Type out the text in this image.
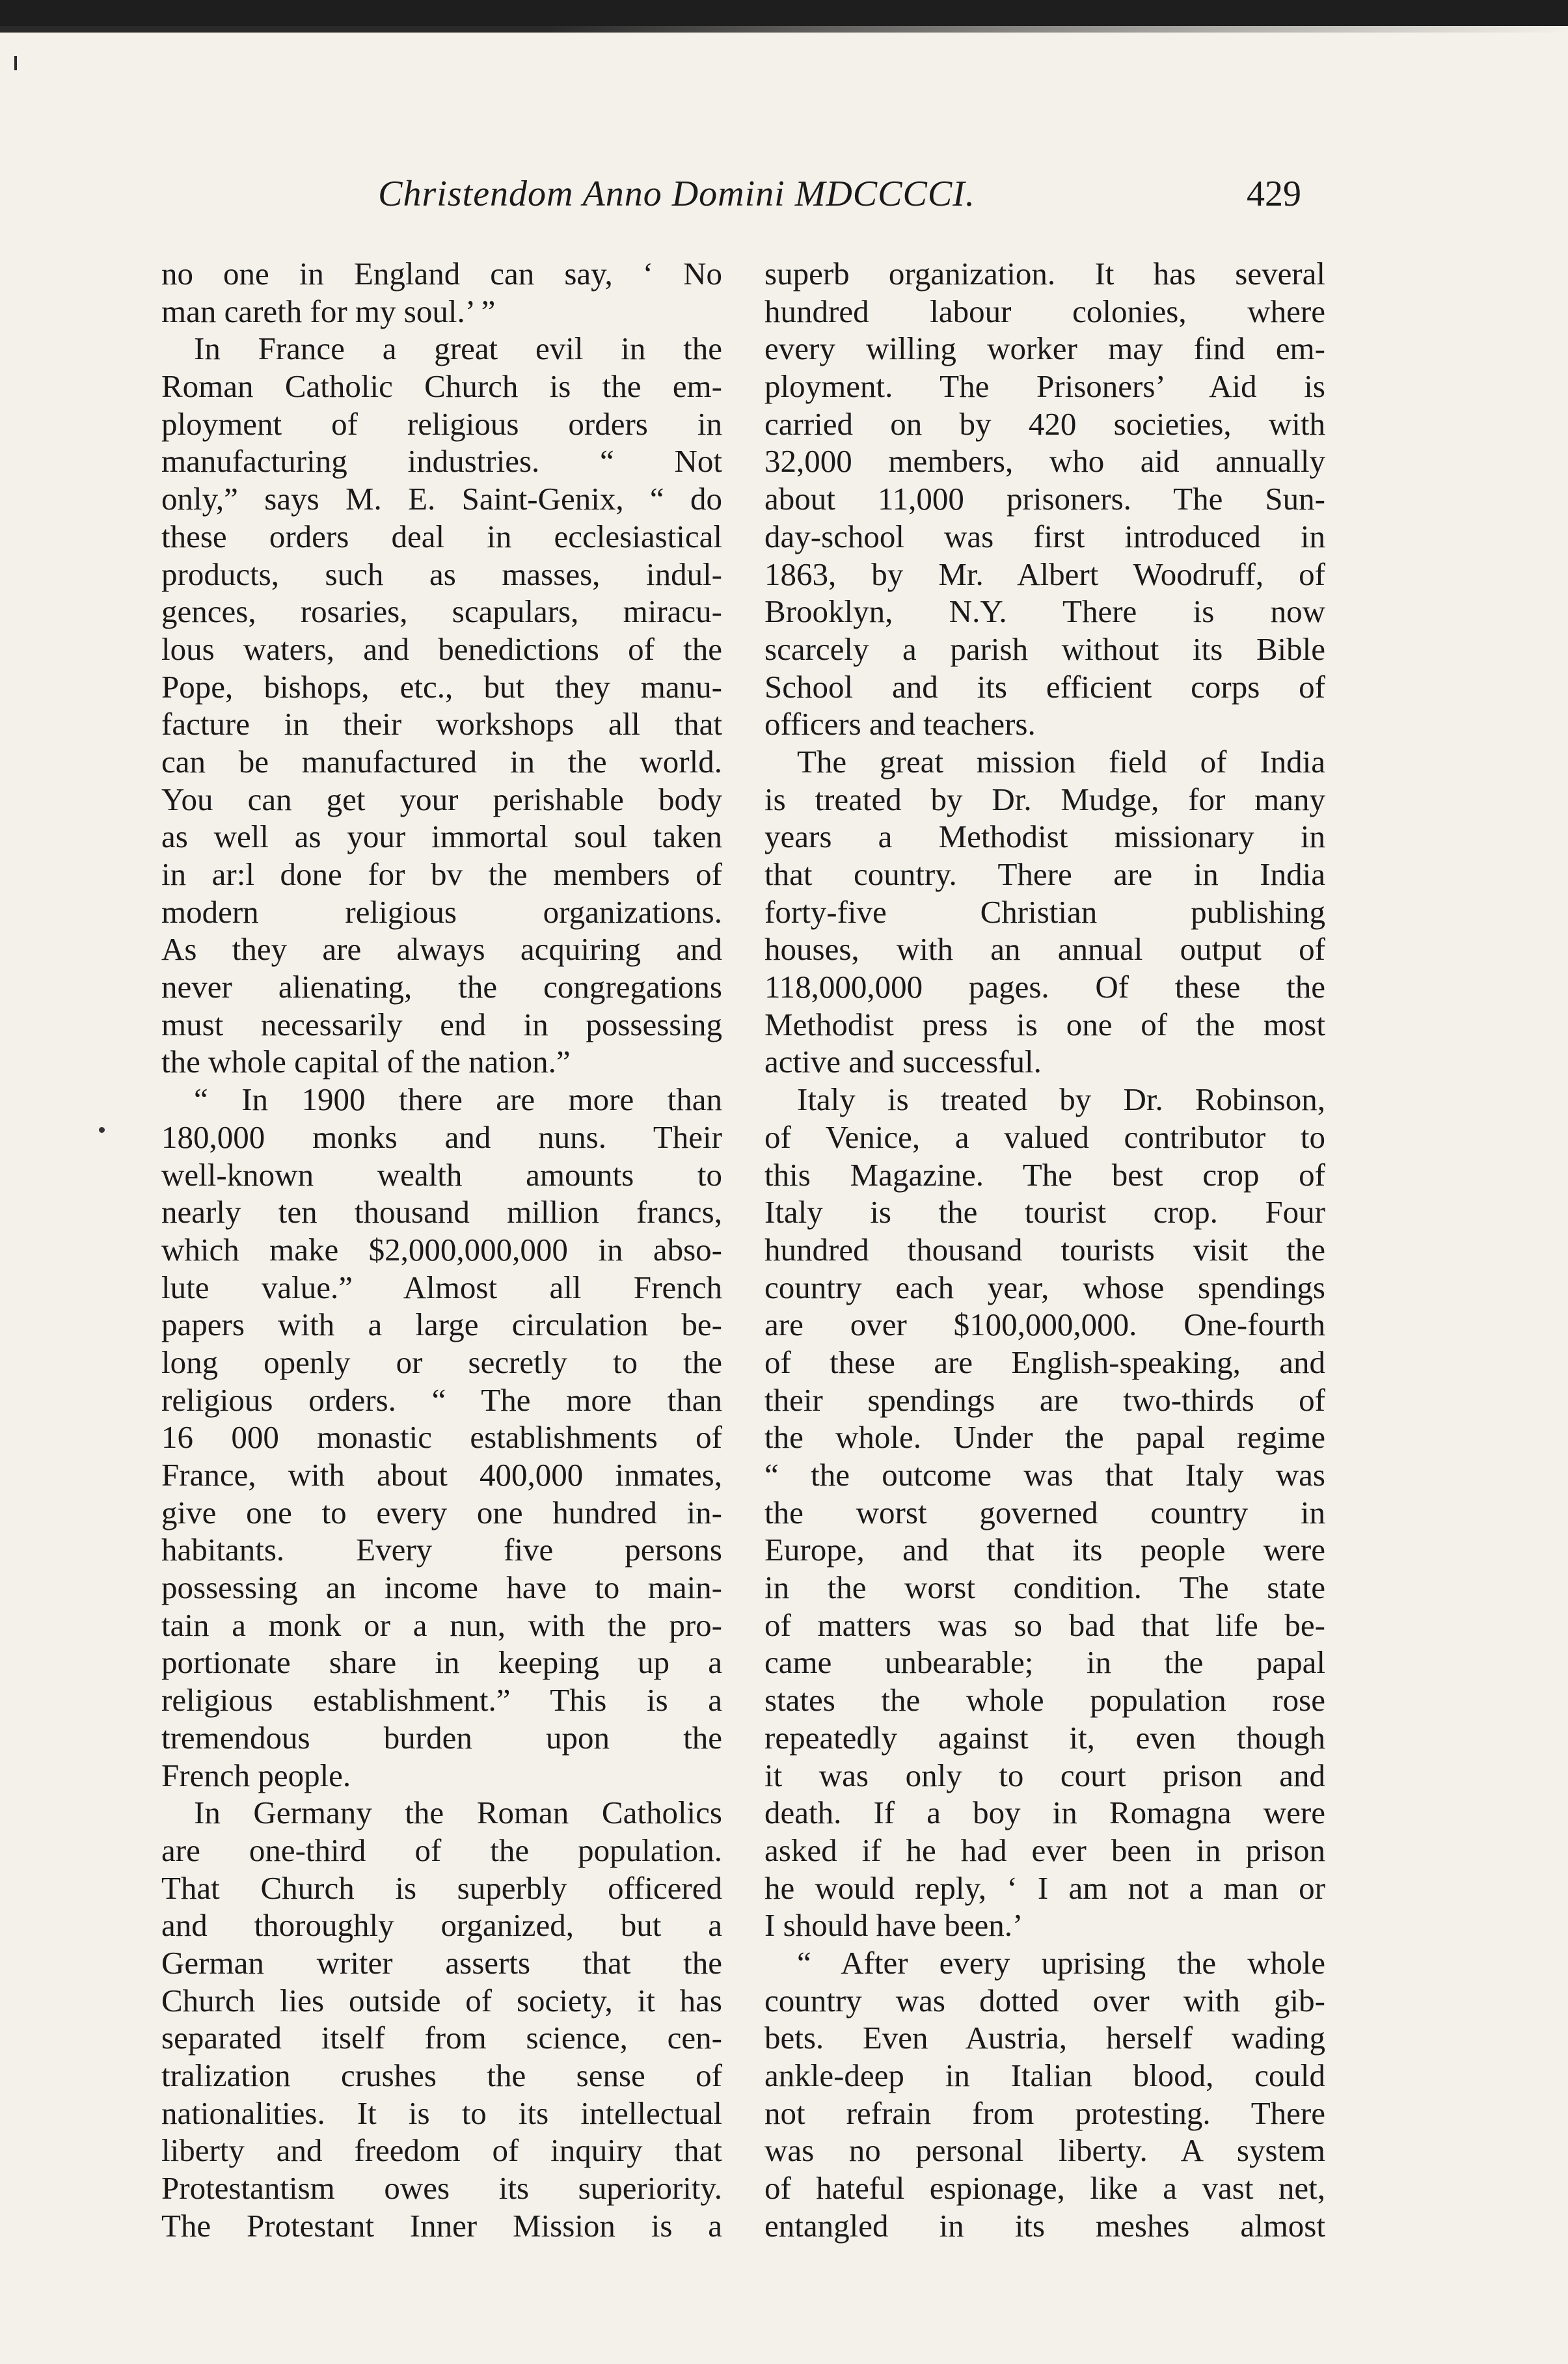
Christendom Anno Domini MDCCCCI.	429
no one in England can say, ‘ No
man careth for my soul.’ ”
In France a great evil in the
Roman Catholic Church is the em-
ployment of religious orders in
manufacturing industries. “ Not
only,” says M. E. Saint-Genix, “ do
these orders deal in ecclesiastical
products, such as masses, indul-
gences, rosaries, scapulars, miracu-
lous waters, and benedictions of the
Pope, bishops, etc., but they manu-
facture in their workshops all that
can be manufactured in the world.
You can get your perishable body
as well as your immortal soul taken
in ar:l done for bv the members of
modern religious organizations.
As they are always acquiring and
never alienating, the congregations
must necessarily end in possessing
the whole capital of the nation.”
“ In 1900 there are more than
180,000 monks and nuns. Their
well-known wealth amounts to
nearly ten thousand million francs,
which make $2,000,000,000 in abso-
lute value.” Almost all French
papers with a large circulation be-
long openly or secretly to the
religious orders. “ The more than
16 000 monastic establishments of
France, with about 400,000 inmates,
give one to every one hundred in-
habitants. Every five persons
possessing an income have to main-
tain a monk or a nun, with the pro-
portionate share in keeping up a
religious establishment.” This is a
tremendous burden upon the
French people.
In Germany the Roman Catholics
are one-third of the population.
That Church is superbly officered
and thoroughly organized, but a
German writer asserts that the
Church lies outside of society, it has
separated itself from science, cen-
tralization crushes the sense of
nationalities. It is to its intellectual
liberty and freedom of inquiry that
Protestantism owes its superiority.
The Protestant Inner Mission is a
superb organization. It has several
hundred labour colonies, where
every willing worker may find em-
ployment. The Prisoners’ Aid is
carried on by 420 societies, with
32,000 members, who aid annually
about 11,000 prisoners. The Sun-
day-school was first introduced in
1863, by Mr. Albert Woodruff, of
Brooklyn, N.Y. There is now
scarcely a parish without its Bible
School and its efficient corps of
officers and teachers.
The great mission field of India
is treated by Dr. Mudge, for many
years a Methodist missionary in
that country. There are in India
forty-five Christian publishing
houses, with an annual output of
118,000,000 pages. Of these the
Methodist press is one of the most
active and successful.
Italy is treated by Dr. Robinson,
of Venice, a valued contributor to
this Magazine. The best crop of
Italy is the tourist crop. Four
hundred thousand tourists visit the
country each year, whose spendings
are over $100,000,000. One-fourth
of these are English-speaking, and
their spendings are two-thirds of
the whole. Under the papal regime
“ the outcome was that Italy was
the worst governed country in
Europe, and that its people were
in the worst condition. The state
of matters was so bad that life be-
came unbearable; in the papal
states the whole population rose
repeatedly against it, even though
it was only to court prison and
death. If a boy in Romagna were
asked if he had ever been in prison
he would reply, ‘ I am not a man or
I should have been.’
“ After every uprising the whole
country was dotted over with gib-
bets. Even Austria, herself wading
ankle-deep in Italian blood, could
not refrain from protesting. There
was no personal liberty. A system
of hateful espionage, like a vast net,
entangled in its meshes almost
